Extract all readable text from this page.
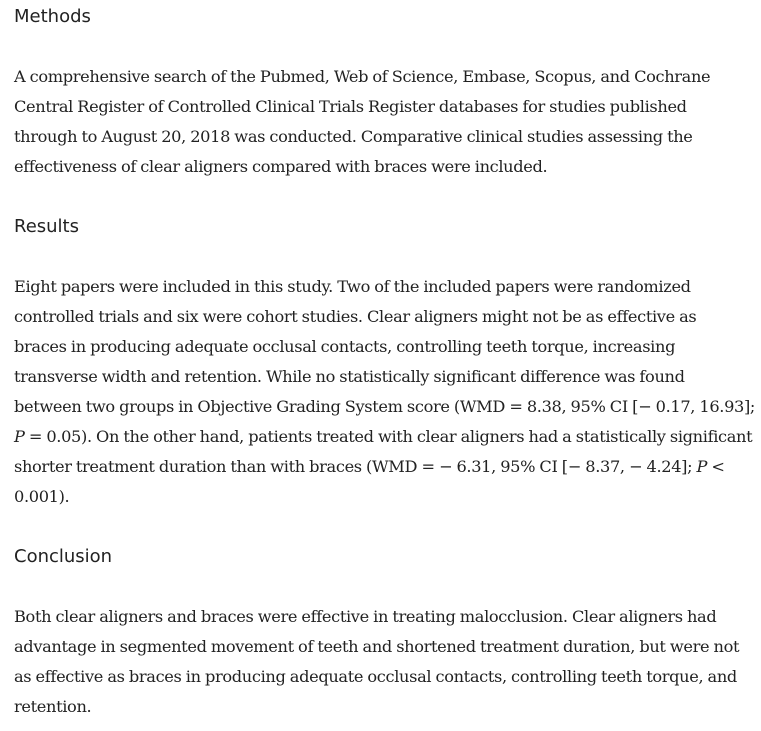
Methods

A comprehensive search of the Pubmed, Web of Science, Embase, Scopus, and Cochrane
Central Register of Controlled Clinical Trials Register databases for studies published
through to August 20, 2018 was conducted. Comparative clinical studies assessing the
effectiveness of clear aligners compared with braces were included.

Results

Eight papers were included in this study. Two of the included papers were randomized
controlled trials and six were cohort studies. Clear aligners might not be as effective as
braces in producing adequate occlusal contacts, controlling teeth torque, increasing
transverse width and retention. While no statistically significant difference was found
between two groups in Objective Grading System score (WMD = 8.38, 95% CI [− 0.17, 16.93];
P = 0.05). On the other hand, patients treated with clear aligners had a statistically significant
shorter treatment duration than with braces (WMD = − 6.31, 95% CI [− 8.37, − 4.24]; P <
0.001).

Conclusion

Both clear aligners and braces were effective in treating malocclusion. Clear aligners had
advantage in segmented movement of teeth and shortened treatment duration, but were not
as effective as braces in producing adequate occlusal contacts, controlling teeth torque, and
retention.
